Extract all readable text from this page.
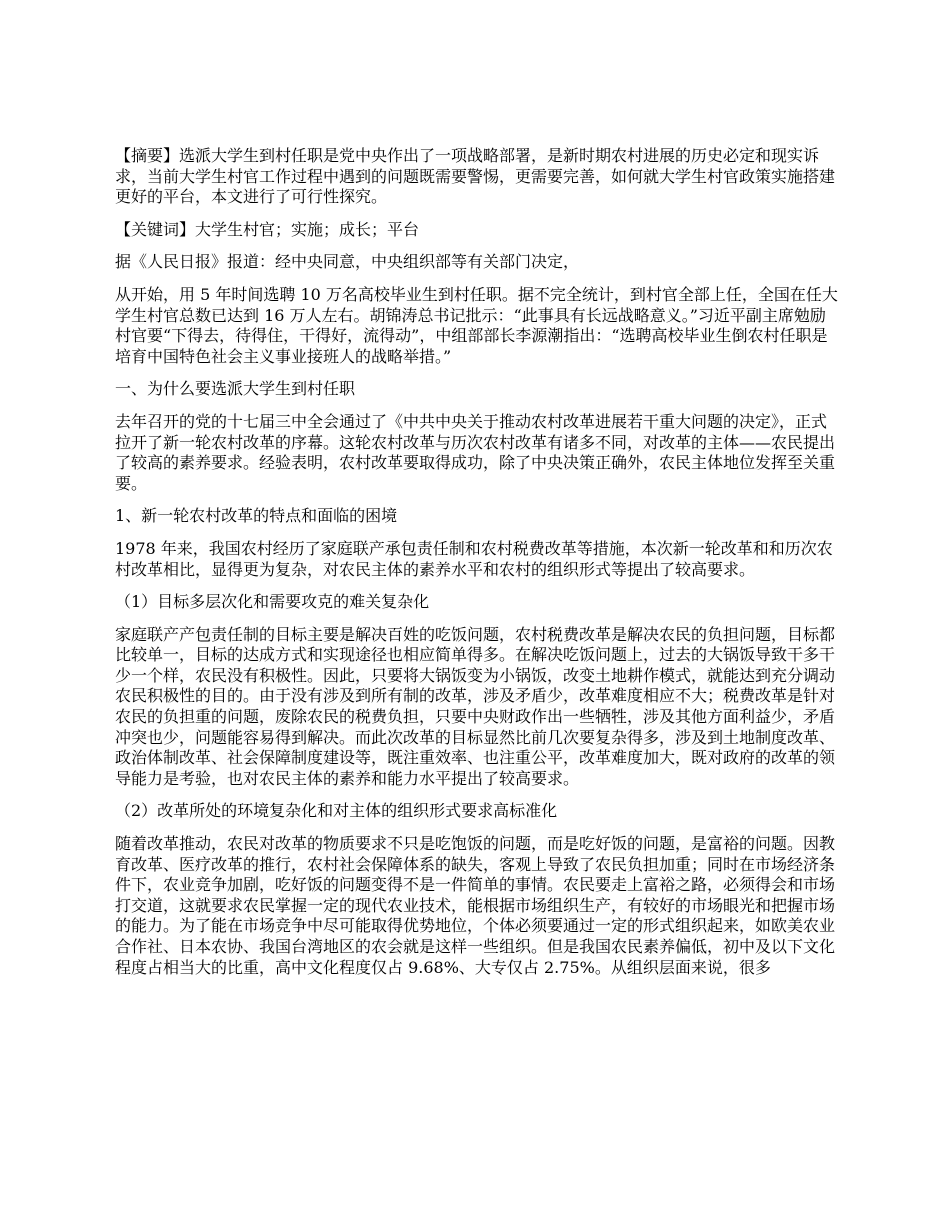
【摘要】选派大学生到村任职是党中央作出了一项战略部署，是新时期农村进展的历史必定和现实诉求，当前大学生村官工作过程中遇到的问题既需要警惕，更需要完善，如何就大学生村官政策实施搭建更好的平台，本文进行了可行性探究。

【关键词】大学生村官；实施；成长；平台

据《人民日报》报道：经中央同意，中央组织部等有关部门决定，

从开始，用 5 年时间选聘 10 万名高校毕业生到村任职。据不完全统计，到村官全部上任，全国在任大学生村官总数已达到 16 万人左右。胡锦涛总书记批示：“此事具有长远战略意义。”习近平副主席勉励村官要“下得去，待得住，干得好，流得动”，中组部部长李源潮指出：“选聘高校毕业生倒农村任职是培育中国特色社会主义事业接班人的战略举措。”

一、为什么要选派大学生到村任职

去年召开的党的十七届三中全会通过了《中共中央关于推动农村改革进展若干重大问题的决定》，正式拉开了新一轮农村改革的序幕。这轮农村改革与历次农村改革有诸多不同，对改革的主体——农民提出了较高的素养要求。经验表明，农村改革要取得成功，除了中央决策正确外，农民主体地位发挥至关重要。

1、新一轮农村改革的特点和面临的困境

1978 年来，我国农村经历了家庭联产承包责任制和农村税费改革等措施，本次新一轮改革和和历次农村改革相比，显得更为复杂，对农民主体的素养水平和农村的组织形式等提出了较高要求。

（1）目标多层次化和需要攻克的难关复杂化

家庭联产产包责任制的目标主要是解决百姓的吃饭问题，农村税费改革是解决农民的负担问题，目标都比较单一，目标的达成方式和实现途径也相应简单得多。在解决吃饭问题上，过去的大锅饭导致干多干少一个样，农民没有积极性。因此，只要将大锅饭变为小锅饭，改变土地耕作模式，就能达到充分调动农民积极性的目的。由于没有涉及到所有制的改革，涉及矛盾少，改革难度相应不大；税费改革是针对农民的负担重的问题，废除农民的税费负担，只要中央财政作出一些牺牲，涉及其他方面利益少，矛盾冲突也少，问题能容易得到解决。而此次改革的目标显然比前几次要复杂得多，涉及到土地制度改革、政治体制改革、社会保障制度建设等，既注重效率、也注重公平，改革难度加大，既对政府的改革的领导能力是考验，也对农民主体的素养和能力水平提出了较高要求。

（2）改革所处的环境复杂化和对主体的组织形式要求高标准化

随着改革推动，农民对改革的物质要求不只是吃饱饭的问题，而是吃好饭的问题，是富裕的问题。因教育改革、医疗改革的推行，农村社会保障体系的缺失，客观上导致了农民负担加重；同时在市场经济条件下，农业竞争加剧，吃好饭的问题变得不是一件简单的事情。农民要走上富裕之路，必须得会和市场打交道，这就要求农民掌握一定的现代农业技术，能根据市场组织生产，有较好的市场眼光和把握市场的能力。为了能在市场竞争中尽可能取得优势地位，个体必须要通过一定的形式组织起来，如欧美农业合作社、日本农协、我国台湾地区的农会就是这样一些组织。但是我国农民素养偏低，初中及以下文化程度占相当大的比重，高中文化程度仅占 9.68%、大专仅占 2.75%。从组织层面来说，很多
